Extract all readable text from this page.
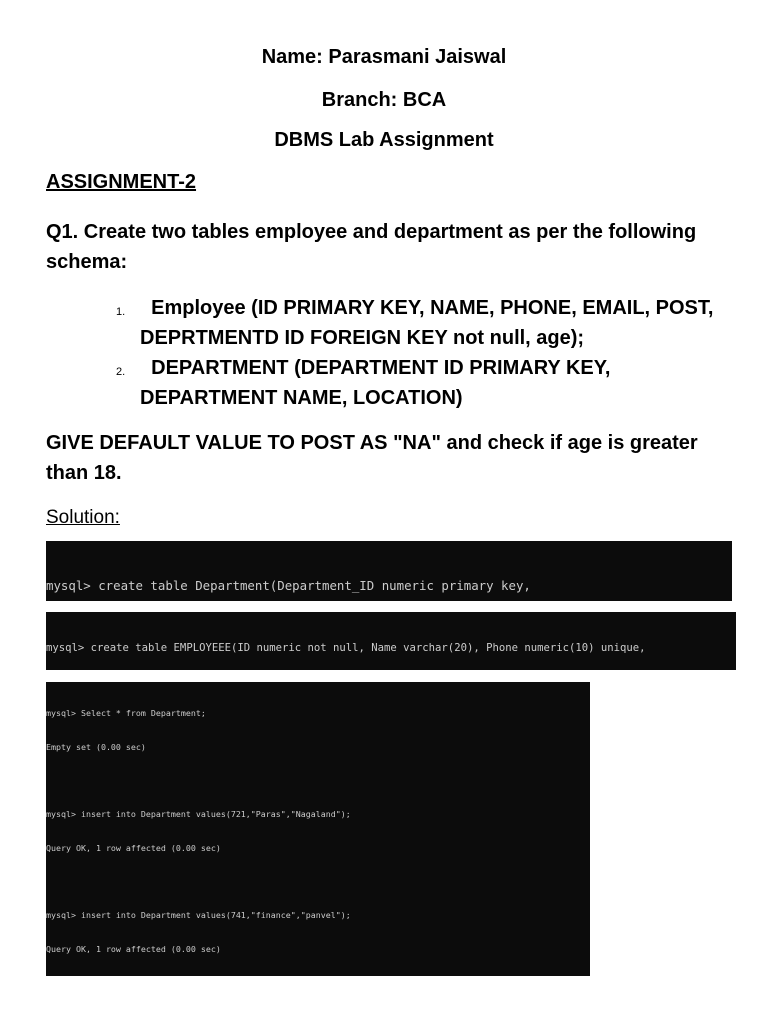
Name: Parasmani Jaiswal
Branch: BCA
DBMS Lab Assignment
ASSIGNMENT-2
Q1. Create two tables employee and department as per the following schema:
1.	Employee (ID PRIMARY KEY, NAME, PHONE, EMAIL, POST, DEPRTMENTD ID FOREIGN KEY not null, age);
2.	DEPARTMENT (DEPARTMENT ID PRIMARY KEY, DEPARTMENT NAME, LOCATION)
GIVE DEFAULT VALUE TO POST AS "NA" and check if age is greater than 18.
Solution:

mysql> create table Department(Department_ID numeric primary key,

mysql> create table EMPLOYEEE(ID numeric not null, Name varchar(20), Phone numeric(10) unique,

mysql> Select * from Department;

Empty set (0.00 sec)

mysql> insert into Department values(721,"Paras","Nagaland");

Query OK, 1 row affected (0.00 sec)

mysql> insert into Department values(741,"finance","panvel");

Query OK, 1 row affected (0.00 sec)
